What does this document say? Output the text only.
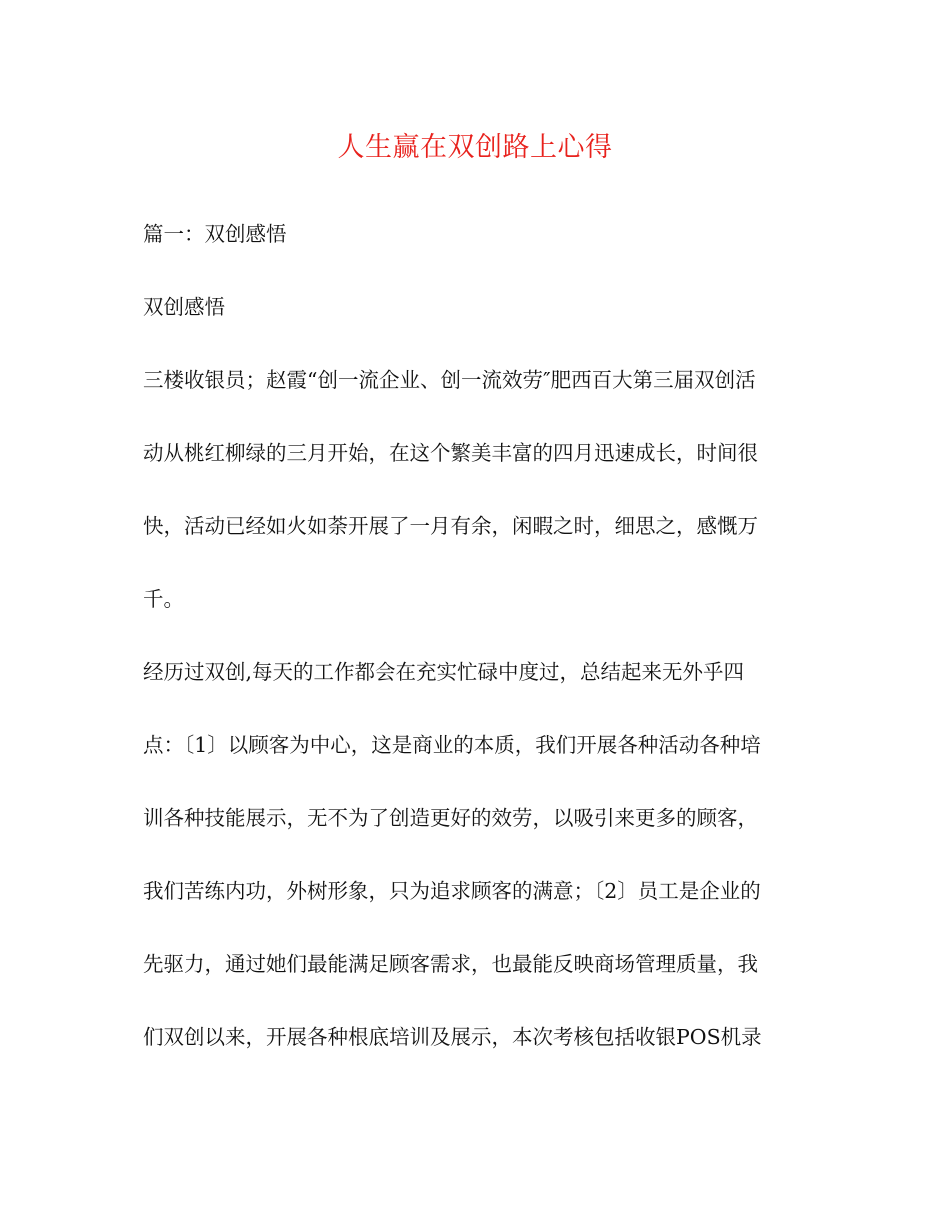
人生赢在双创路上心得
篇一：双创感悟
双创感悟
三楼收银员；赵霞“创一流企业、创一流效劳″肥西百大第三届双创活
动从桃红柳绿的三月开始，在这个繁美丰富的四月迅速成长，时间很
快，活动已经如火如荼开展了一月有余，闲暇之时，细思之，感慨万
千。
经历过双创,每天的工作都会在充实忙碌中度过，总结起来无外乎四
点：〔1〕以顾客为中心，这是商业的本质，我们开展各种活动各种培
训各种技能展示，无不为了创造更好的效劳，以吸引来更多的顾客，
我们苦练内功，外树形象，只为追求顾客的满意；〔2〕员工是企业的
先驱力，通过她们最能满足顾客需求，也最能反映商场管理质量，我
们双创以来，开展各种根底培训及展示，本次考核包括收银POS机录
